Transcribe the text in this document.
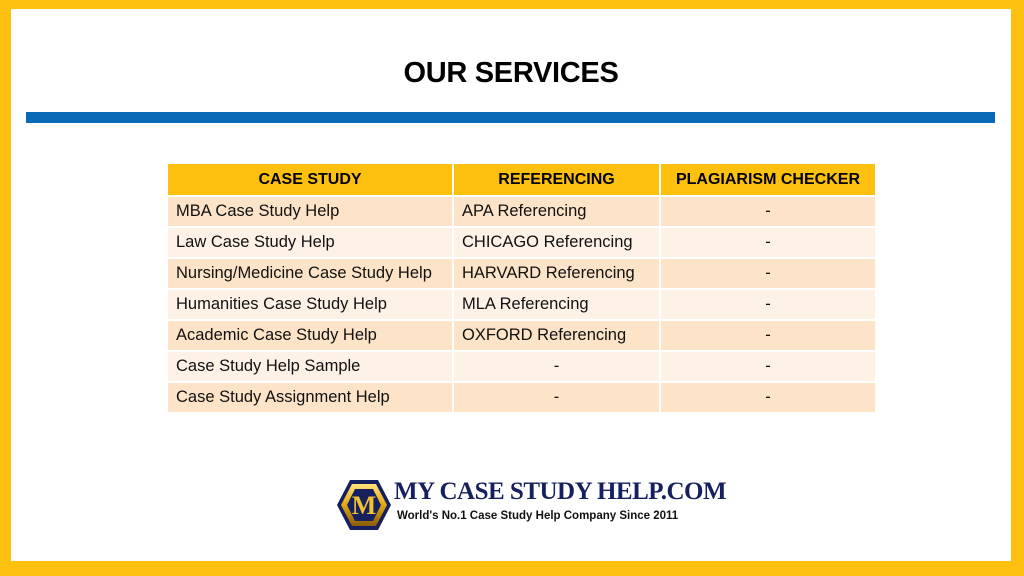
OUR SERVICES
CASE STUDY	REFERENCING	PLAGIARISM CHECKER
MBA Case Study Help	APA Referencing	-
Law Case Study Help	CHICAGO Referencing	-
Nursing/Medicine Case Study Help	HARVARD Referencing	-
Humanities Case Study Help	MLA Referencing	-
Academic Case Study Help	OXFORD Referencing	-
Case Study Help Sample	-	-
Case Study Assignment Help	-	-
M MY CASE STUDY HELP.COM
World's No.1 Case Study Help Company Since 2011
